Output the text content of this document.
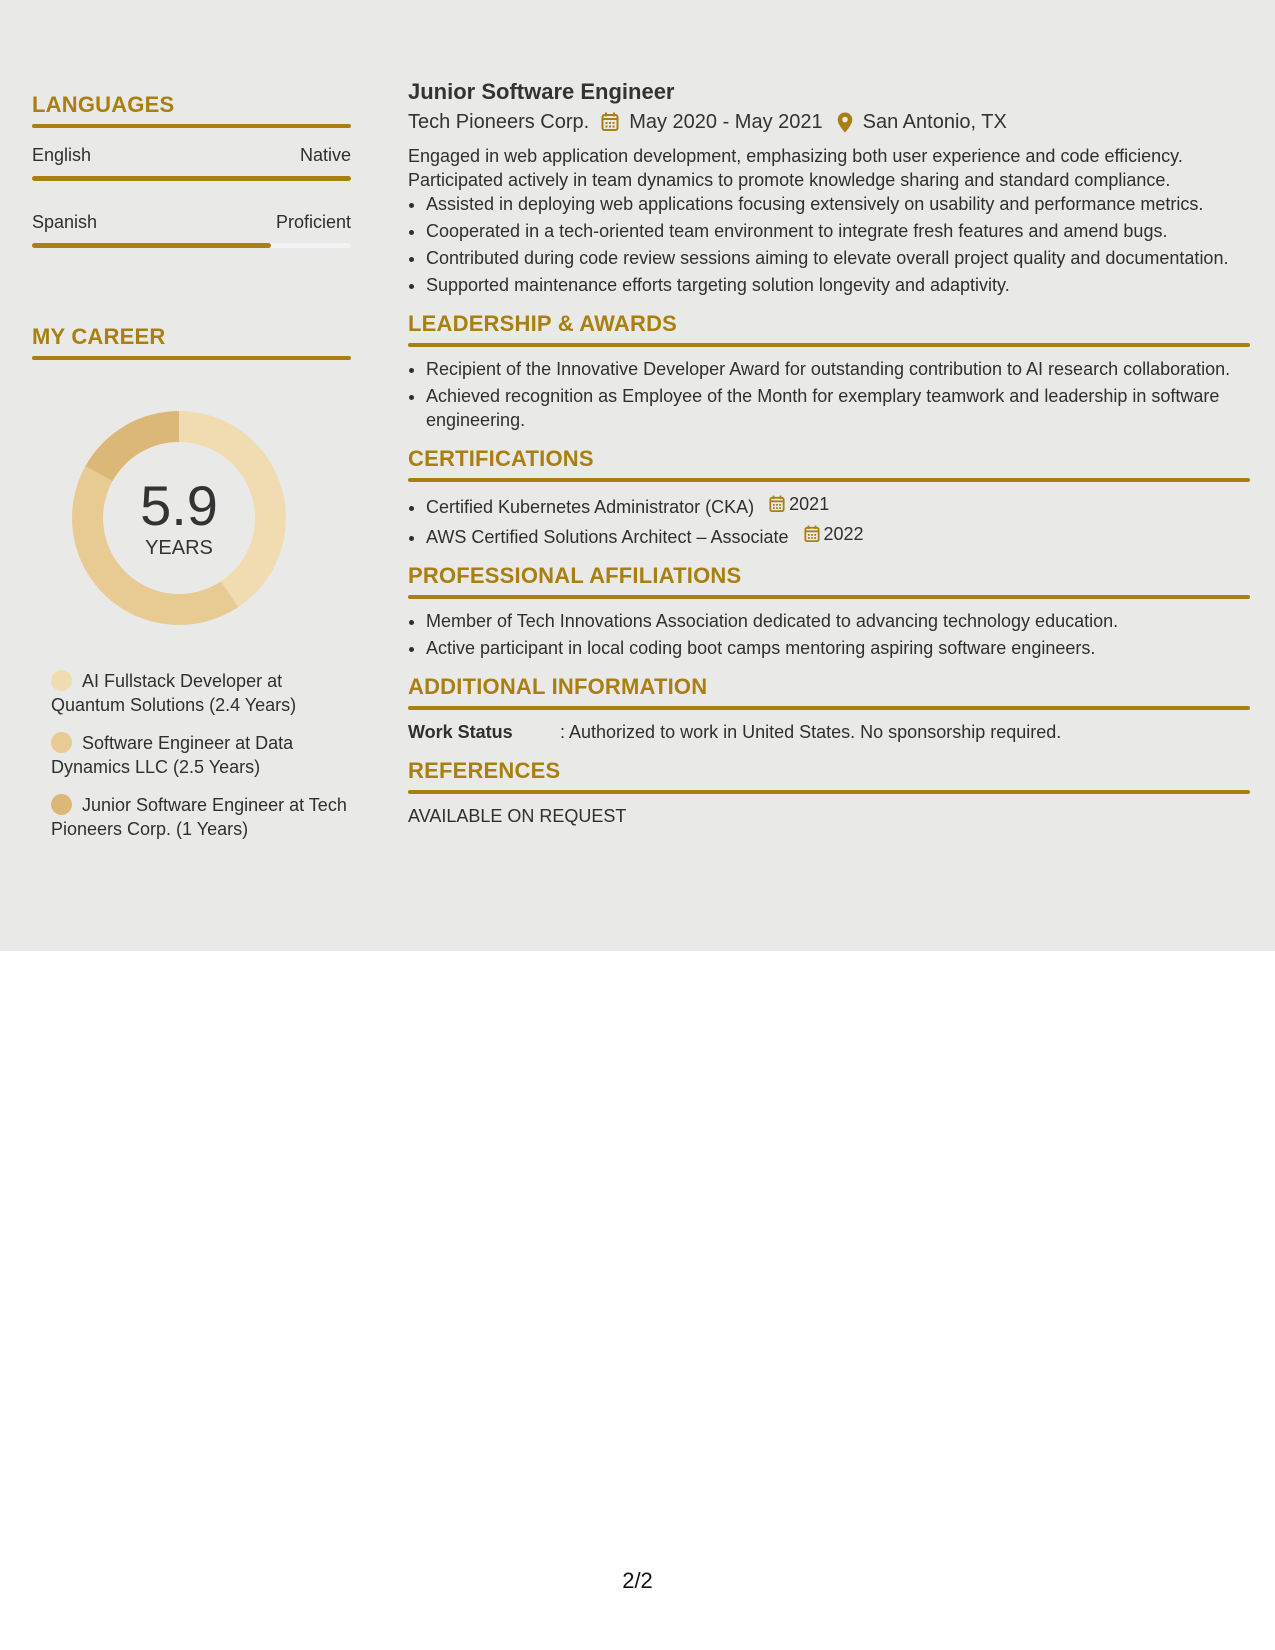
LANGUAGES
English	Native
Spanish	Proficient
MY CAREER
5.9
YEARS
AI Fullstack Developer at Quantum Solutions (2.4 Years)
Software Engineer at Data Dynamics LLC (2.5 Years)
Junior Software Engineer at Tech Pioneers Corp. (1 Years)
Junior Software Engineer
Tech Pioneers Corp. May 2020 - May 2021 San Antonio, TX
Engaged in web application development, emphasizing both user experience and code efficiency. Participated actively in team dynamics to promote knowledge sharing and standard compliance.
• Assisted in deploying web applications focusing extensively on usability and performance metrics.
• Cooperated in a tech-oriented team environment to integrate fresh features and amend bugs.
• Contributed during code review sessions aiming to elevate overall project quality and documentation.
• Supported maintenance efforts targeting solution longevity and adaptivity.
LEADERSHIP & AWARDS
• Recipient of the Innovative Developer Award for outstanding contribution to AI research collaboration.
• Achieved recognition as Employee of the Month for exemplary teamwork and leadership in software engineering.
CERTIFICATIONS
• Certified Kubernetes Administrator (CKA) 2021
• AWS Certified Solutions Architect – Associate 2022
PROFESSIONAL AFFILIATIONS
• Member of Tech Innovations Association dedicated to advancing technology education.
• Active participant in local coding boot camps mentoring aspiring software engineers.
ADDITIONAL INFORMATION
Work Status	: Authorized to work in United States. No sponsorship required.
REFERENCES
AVAILABLE ON REQUEST
2/2
